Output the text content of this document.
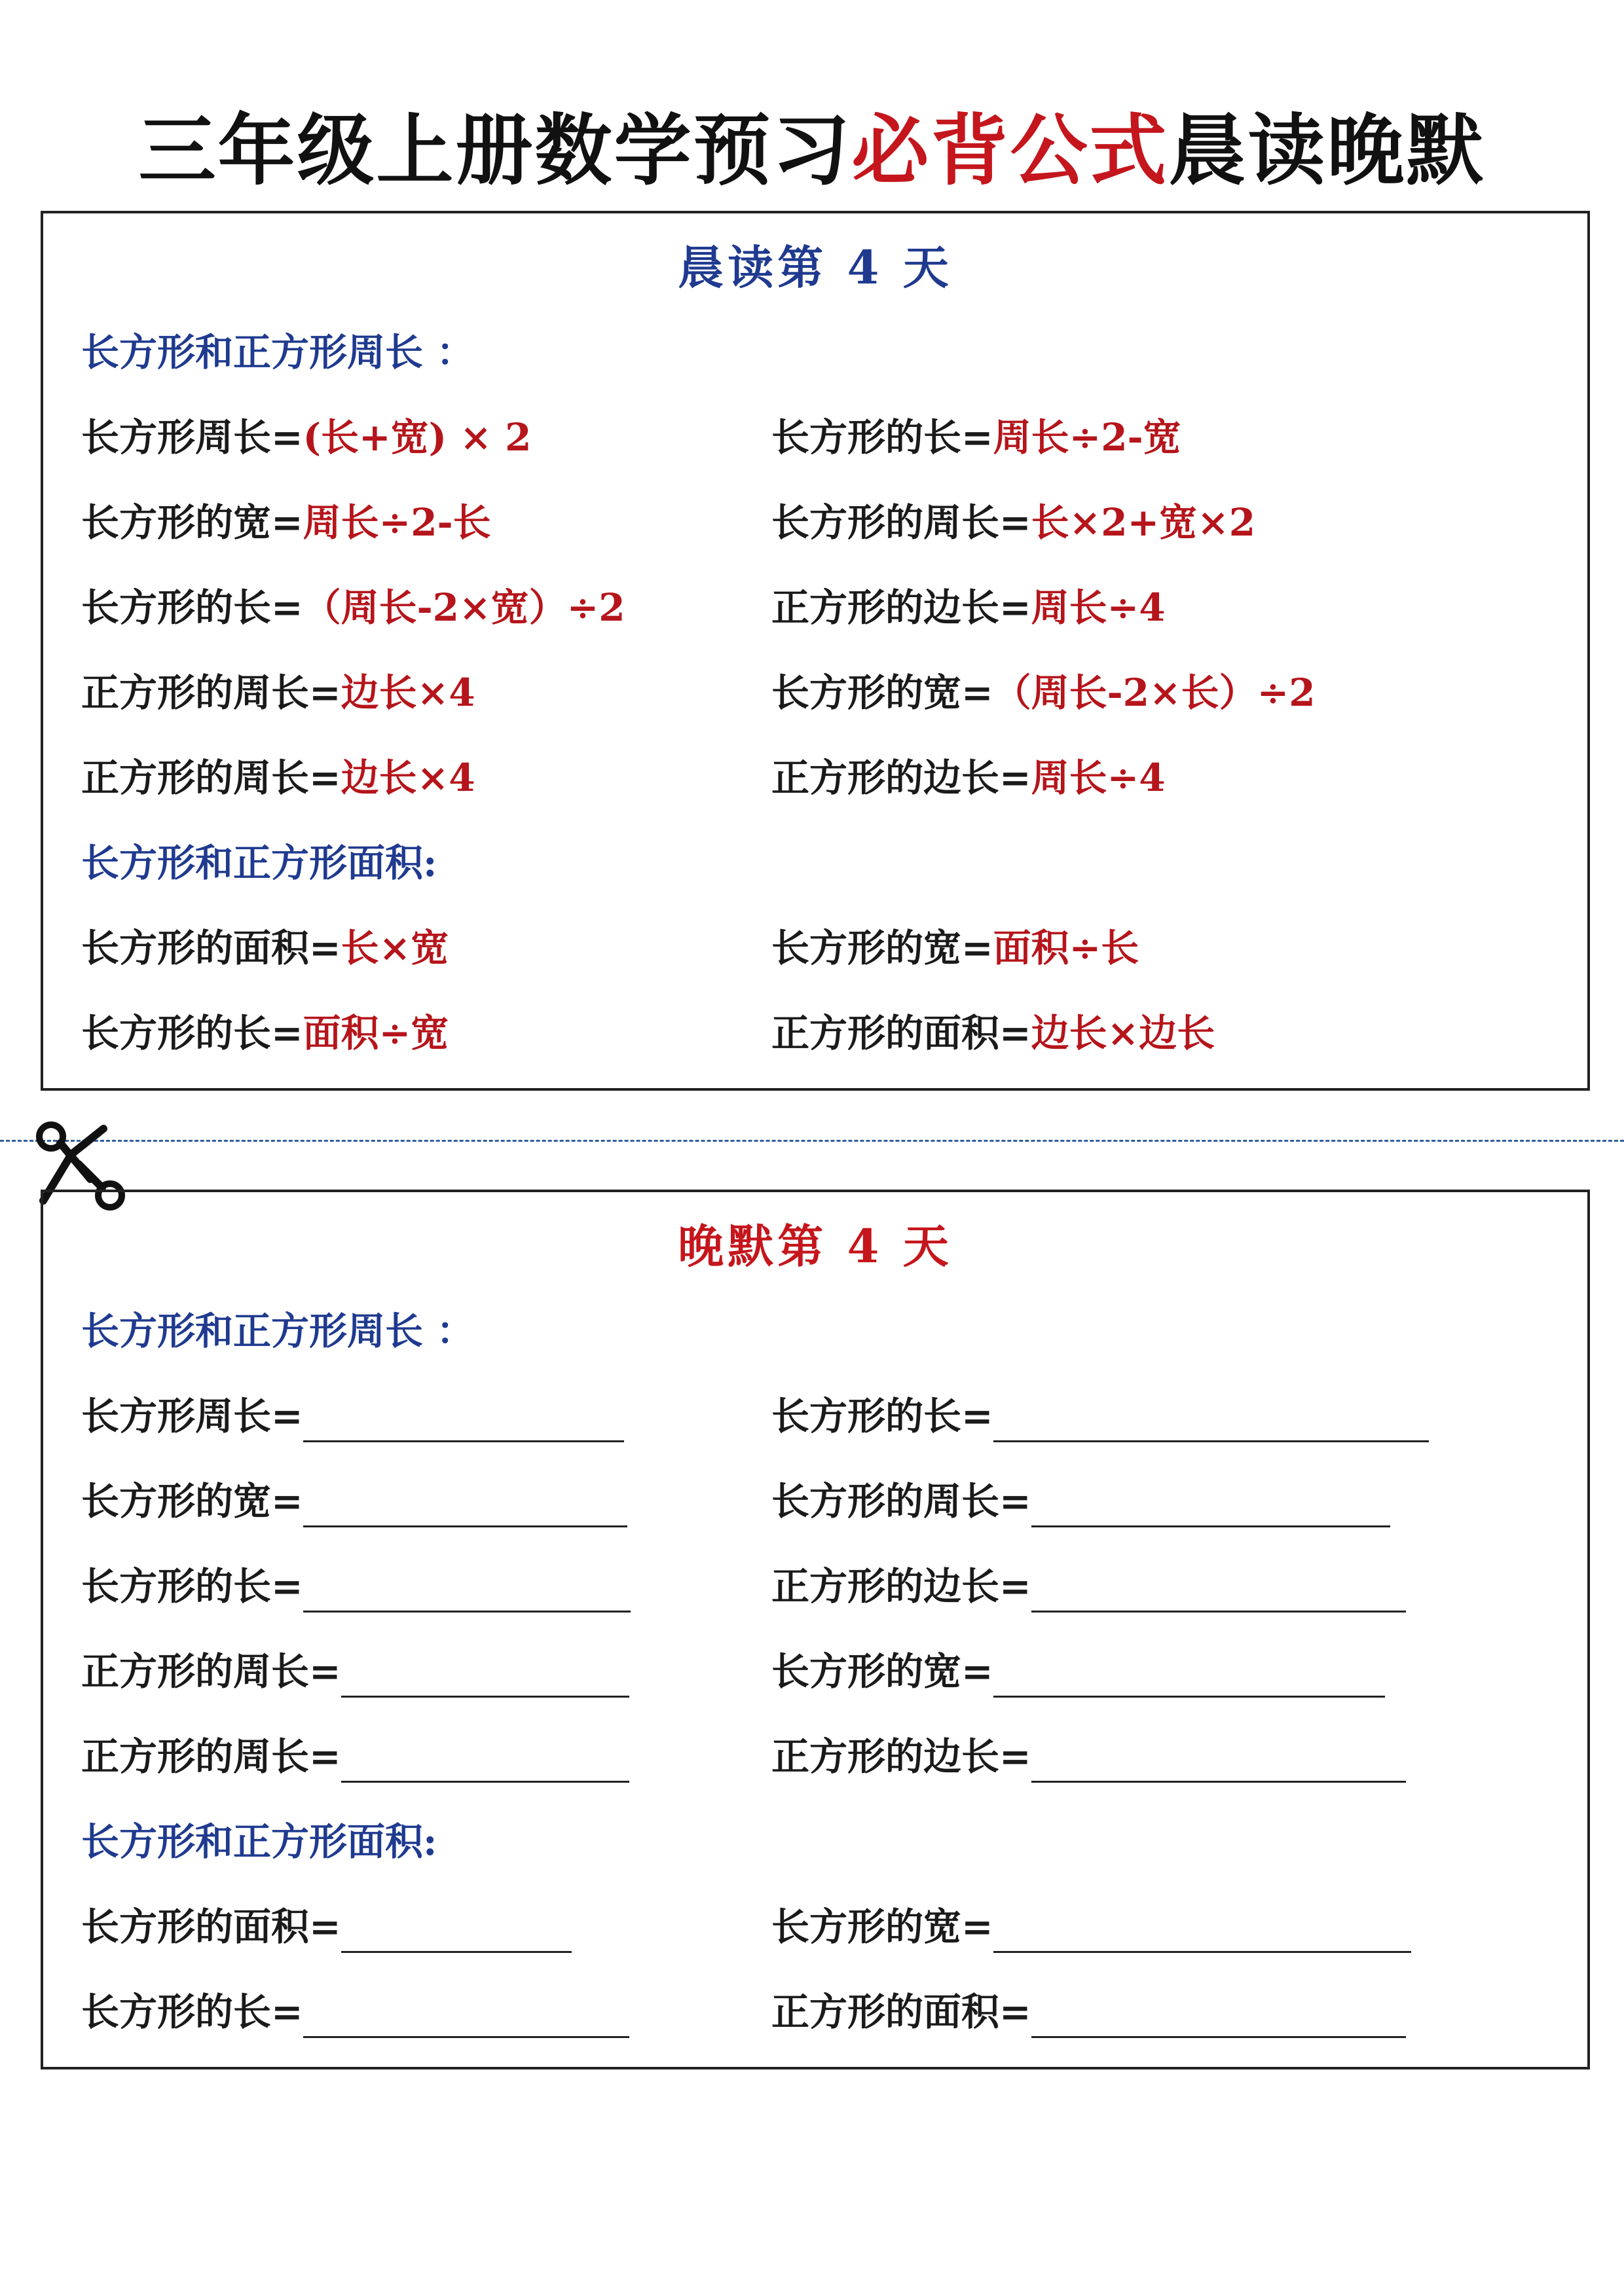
三年级上册数学预习必背公式晨读晚默
晨读第 4 天
长方形和正方形周长 ：
长方形周长=(长+宽) × 2	长方形的长=周长÷2-宽
长方形的宽=周长÷2-长	长方形的周长=长×2+宽×2
长方形的长=（周长-2×宽）÷2	正方形的边长=周长÷4
正方形的周长=边长×4	长方形的宽=（周长-2×长）÷2
正方形的周长=边长×4	正方形的边长=周长÷4
长方形和正方形面积:
长方形的面积=长×宽	长方形的宽=面积÷长
长方形的长=面积÷宽	正方形的面积=边长×边长
晚默第 4 天
长方形和正方形周长 ：
长方形周长=	长方形的长=
长方形的宽=	长方形的周长=
长方形的长=	正方形的边长=
正方形的周长=	长方形的宽=
正方形的周长=	正方形的边长=
长方形和正方形面积:
长方形的面积=	长方形的宽=
长方形的长=	正方形的面积=
